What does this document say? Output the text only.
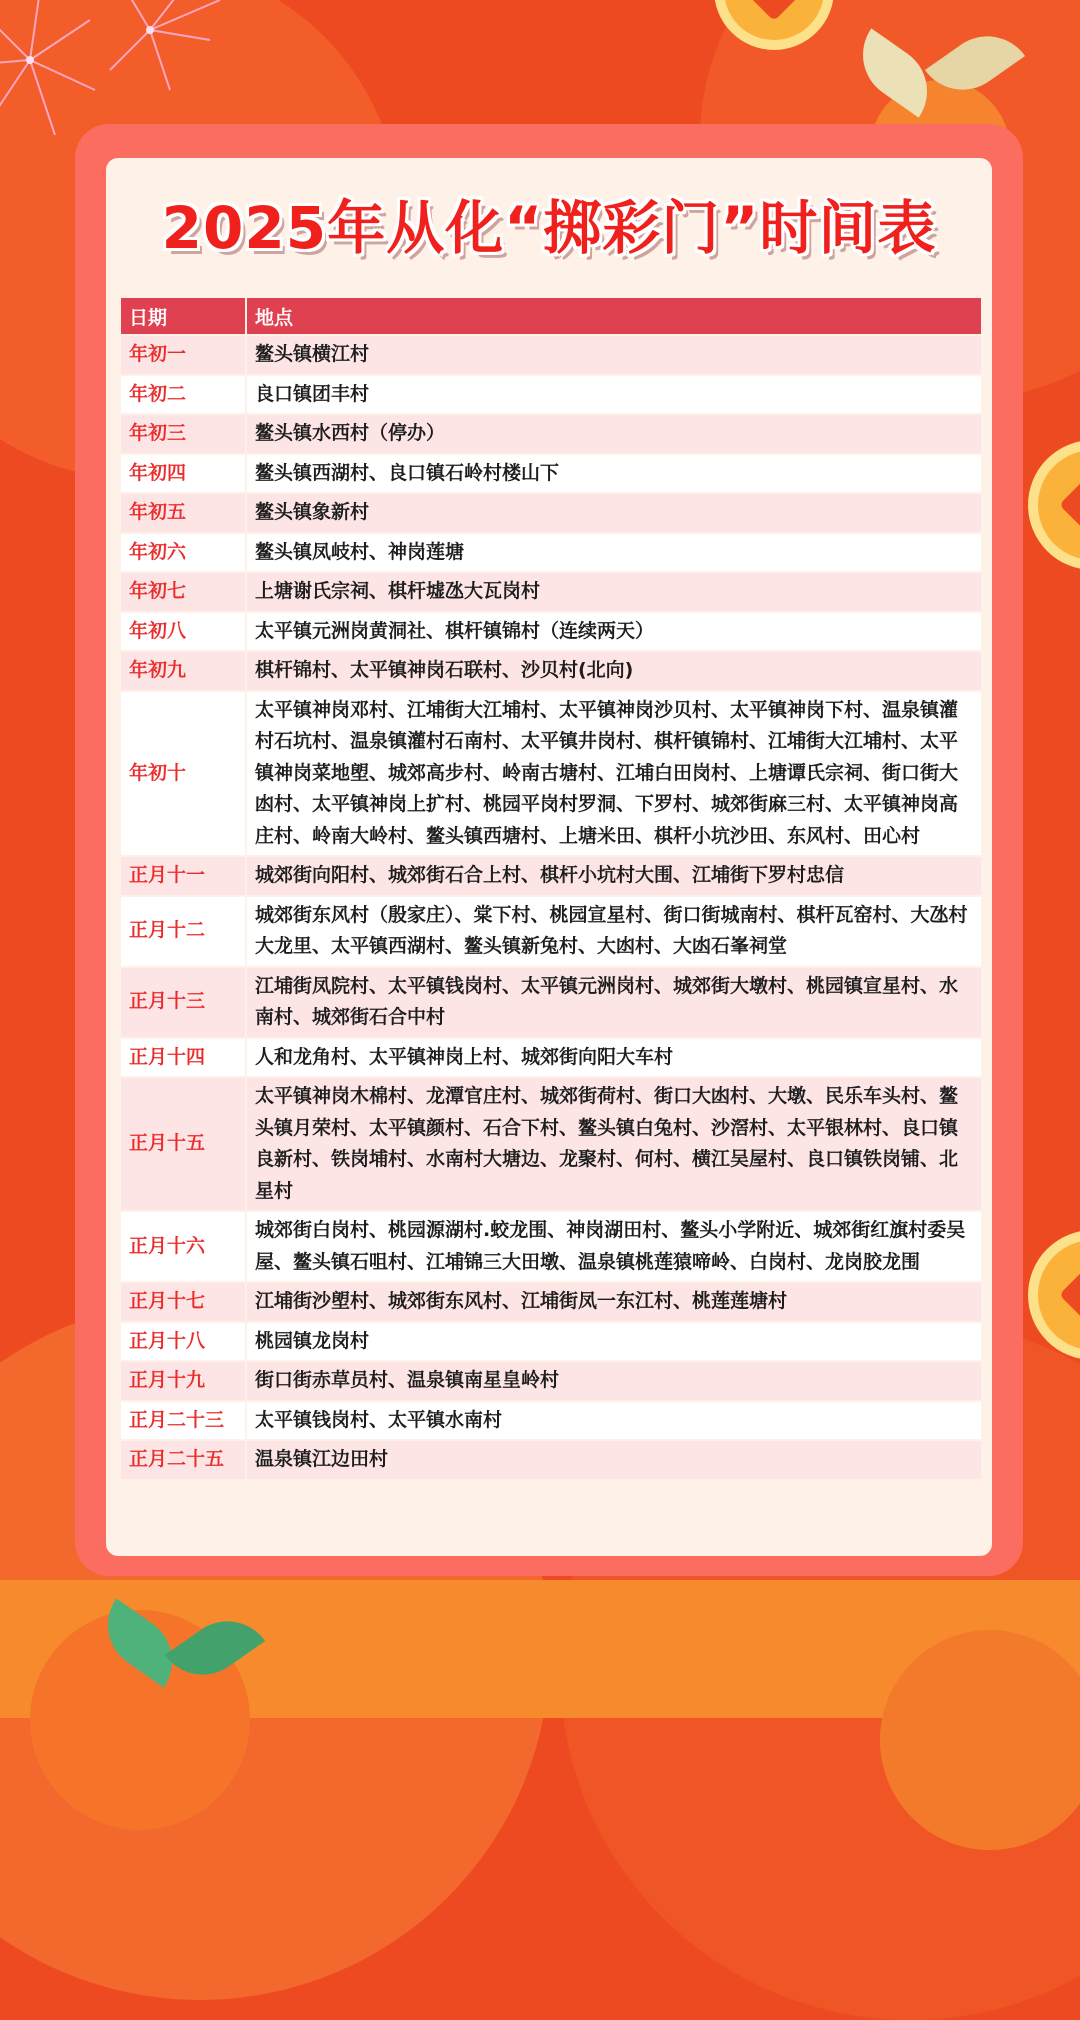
2025年从化“掷彩门”时间表
日期	地点
年初一	鳌头镇横江村
年初二	良口镇团丰村
年初三	鳌头镇水西村（停办）
年初四	鳌头镇西湖村、良口镇石岭村楼山下
年初五	鳌头镇象新村
年初六	鳌头镇凤岐村、神岗莲塘
年初七	上塘谢氏宗祠、棋杆墟氹大瓦岗村
年初八	太平镇元洲岗黄洞社、棋杆镇锦村（连续两天）
年初九	棋杆锦村、太平镇神岗石联村、沙贝村(北向)
年初十	太平镇神岗邓村、江埔街大江埔村、太平镇神岗沙贝村、太平镇神岗下村、温泉镇灌村石坑村、温泉镇灌村石南村、太平镇井岗村、棋杆镇锦村、江埔街大江埔村、太平镇神岗菜地塱、城郊高步村、岭南古塘村、江埔白田岗村、上塘谭氏宗祠、街口街大凼村、太平镇神岗上扩村、桃园平岗村罗洞、下罗村、城郊街麻三村、太平镇神岗高庄村、岭南大岭村、鳌头镇西塘村、上塘米田、棋杆小坑沙田、东风村、田心村
正月十一	城郊街向阳村、城郊街石合上村、棋杆小坑村大围、江埔街下罗村忠信
正月十二	城郊街东风村（殷家庄）、棠下村、桃园宣星村、街口街城南村、棋杆瓦窑村、大氹村大龙里、太平镇西湖村、鳌头镇新兔村、大凼村、大凼石峯祠堂
正月十三	江埔街凤院村、太平镇钱岗村、太平镇元洲岗村、城郊街大墩村、桃园镇宣星村、水南村、城郊街石合中村
正月十四	人和龙角村、太平镇神岗上村、城郊街向阳大车村
正月十五	太平镇神岗木棉村、龙潭官庄村、城郊街荷村、街口大凼村、大墩、民乐车头村、鳌头镇月荣村、太平镇颜村、石合下村、鳌头镇白兔村、沙滘村、太平银林村、良口镇良新村、铁岗埔村、水南村大塘边、龙聚村、何村、横江吴屋村、良口镇铁岗铺、北星村
正月十六	城郊街白岗村、桃园源湖村.蛟龙围、神岗湖田村、鳌头小学附近、城郊街红旗村委吴屋、鳌头镇石咀村、江埔锦三大田墩、温泉镇桃莲猿啼岭、白岗村、龙岗胶龙围
正月十七	江埔街沙塱村、城郊街东风村、江埔街凤一东江村、桃莲莲塘村
正月十八	桃园镇龙岗村
正月十九	街口街赤草员村、温泉镇南星皇岭村
正月二十三	太平镇钱岗村、太平镇水南村
正月二十五	温泉镇江边田村
